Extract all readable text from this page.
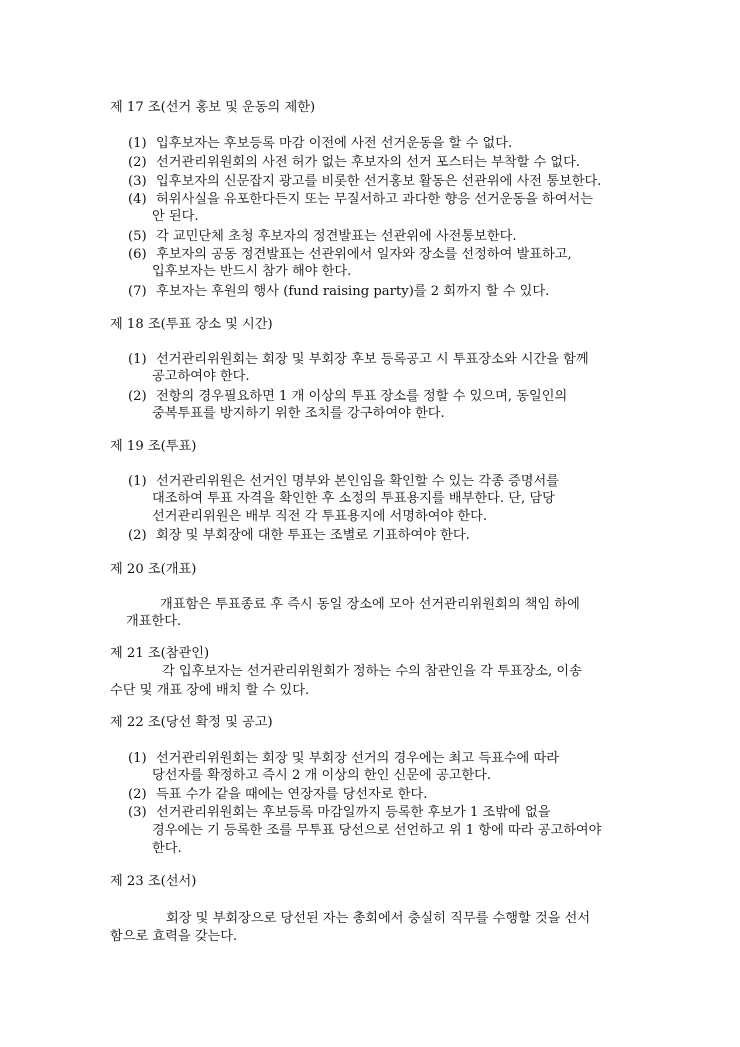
제 17 조(선거 홍보 및 운동의 제한)
(1) 입후보자는 후보등록 마감 이전에 사전 선거운동을 할 수 없다.
(2) 선거관리위원회의 사전 허가 없는 후보자의 선거 포스터는 부착할 수 없다.
(3) 입후보자의 신문잡지 광고를 비롯한 선거홍보 활동은 선관위에 사전 통보한다.
(4) 허위사실을 유포한다든지 또는 무질서하고 과다한 향응 선거운동을 하여서는
안 된다.
(5) 각 교민단체 초청 후보자의 정견발표는 선관위에 사전통보한다.
(6) 후보자의 공동 정견발표는 선관위에서 일자와 장소를 선정하여 발표하고,
입후보자는 반드시 참가 해야 한다.
(7) 후보자는 후원의 행사 (fund raising party)를 2 회까지 할 수 있다.
제 18 조(투표 장소 및 시간)
(1) 선거관리위원회는 회장 및 부회장 후보 등록공고 시 투표장소와 시간을 함께
공고하여야 한다.
(2) 전항의 경우필요하면 1 개 이상의 투표 장소를 정할 수 있으며, 동일인의
중복투표를 방지하기 위한 조치를 강구하여야 한다.
제 19 조(투표)
(1) 선거관리위원은 선거인 명부와 본인임을 확인할 수 있는 각종 증명서를
대조하여 투표 자격을 확인한 후 소정의 투표용지를 배부한다. 단, 담당
선거관리위원은 배부 직전 각 투표용지에 서명하여야 한다.
(2) 회장 및 부회장에 대한 투표는 조별로 기표하여야 한다.
제 20 조(개표)
개표함은 투표종료 후 즉시 동일 장소에 모아 선거관리위원회의 책임 하에
개표한다.
제 21 조(참관인)
각 입후보자는 선거관리위원회가 정하는 수의 참관인을 각 투표장소, 이송
수단 및 개표 장에 배치 할 수 있다.
제 22 조(당선 확정 및 공고)
(1) 선거관리위원회는 회장 및 부회장 선거의 경우에는 최고 득표수에 따라
당선자를 확정하고 즉시 2 개 이상의 한인 신문에 공고한다.
(2) 득표 수가 같을 때에는 연장자를 당선자로 한다.
(3) 선거관리위원회는 후보등록 마감일까지 등록한 후보가 1 조밖에 없을
경우에는 기 등록한 조를 무투표 당선으로 선언하고 위 1 항에 따라 공고하여야
한다.
제 23 조(선서)
회장 및 부회장으로 당선된 자는 총회에서 충실히 직무를 수행할 것을 선서
함으로 효력을 갖는다.
